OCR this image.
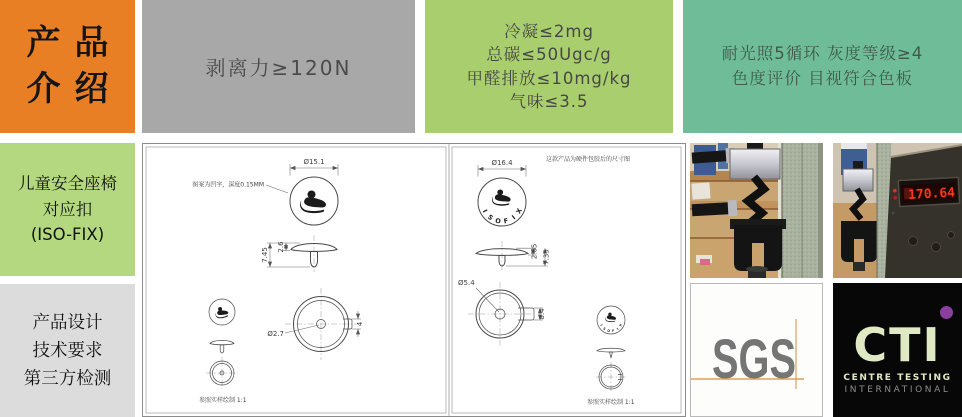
产品
介绍
剥离力≥120N
冷凝≤2mg
总碳≤50Ugc/g
甲醛排放≤10mg/kg
气味≤3.5
耐光照5循环 灰度等级≥4
色度评价 目视符合色板
儿童安全座椅
对应扣
(ISO-FIX)
产品设计
技术要求
第三方检测
Ø15.1
图案为凹字，深度0.15MM
2.6
7.45
4
Ø2.7
参照实样绘制 1:1
这款产品为硬件包胶后的尺寸图
I
S O F I
X
Ø16.4
2.65 7.35
8.4
Ø5.4
I
S O F I
X
参照实样绘制 1:1
170.64
SGS CTI
CENTRE TESTING
INTERNATIONAL
